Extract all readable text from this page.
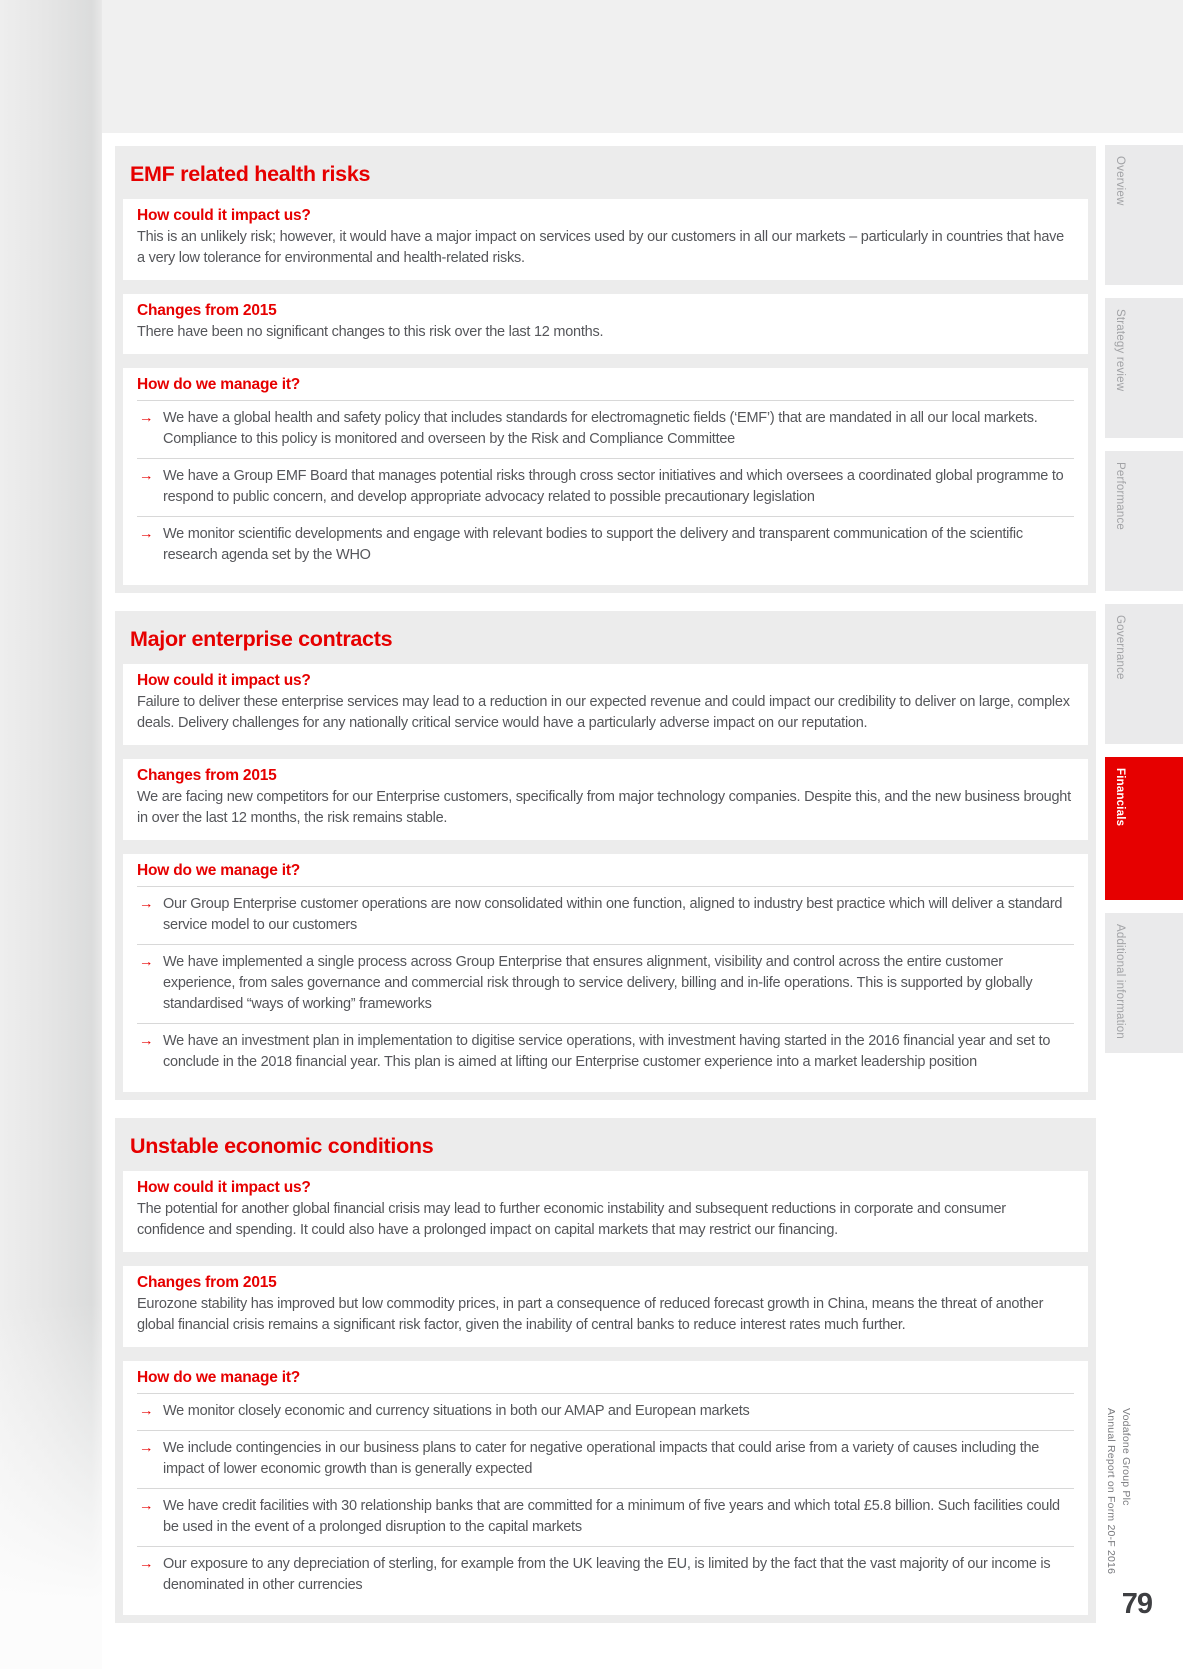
EMF related health risks
How could it impact us?

This is an unlikely risk; however, it would have a major impact on services used by our customers in all our markets – particularly in countries that have a very low tolerance for environmental and health-related risks.

Changes from 2015

There have been no significant changes to this risk over the last 12 months.

How do we manage it?
→ We have a global health and safety policy that includes standards for electromagnetic fields (‘EMF’) that are mandated in all our local markets. Compliance to this policy is monitored and overseen by the Risk and Compliance Committee
→ We have a Group EMF Board that manages potential risks through cross sector initiatives and which oversees a coordinated global programme to respond to public concern, and develop appropriate advocacy related to possible precautionary legislation
→ We monitor scientific developments and engage with relevant bodies to support the delivery and transparent communication of the scientific research agenda set by the WHO
Major enterprise contracts
How could it impact us?

Failure to deliver these enterprise services may lead to a reduction in our expected revenue and could impact our credibility to deliver on large, complex deals. Delivery challenges for any nationally critical service would have a particularly adverse impact on our reputation.

Changes from 2015

We are facing new competitors for our Enterprise customers, specifically from major technology companies. Despite this, and the new business brought in over the last 12 months, the risk remains stable.

How do we manage it?
→ Our Group Enterprise customer operations are now consolidated within one function, aligned to industry best practice which will deliver a standard service model to our customers
→ We have implemented a single process across Group Enterprise that ensures alignment, visibility and control across the entire customer experience, from sales governance and commercial risk through to service delivery, billing and in-life operations. This is supported by globally standardised “ways of working” frameworks
→ We have an investment plan in implementation to digitise service operations, with investment having started in the 2016 financial year and set to conclude in the 2018 financial year. This plan is aimed at lifting our Enterprise customer experience into a market leadership position
Unstable economic conditions
How could it impact us?

The potential for another global financial crisis may lead to further economic instability and subsequent reductions in corporate and consumer confidence and spending. It could also have a prolonged impact on capital markets that may restrict our financing.

Changes from 2015

Eurozone stability has improved but low commodity prices, in part a consequence of reduced forecast growth in China, means the threat of another global financial crisis remains a significant risk factor, given the inability of central banks to reduce interest rates much further.

How do we manage it?
→ We monitor closely economic and currency situations in both our AMAP and European markets
→ We include contingencies in our business plans to cater for negative operational impacts that could arise from a variety of causes including the impact of lower economic growth than is generally expected
→ We have credit facilities with 30 relationship banks that are committed for a minimum of five years and which total £5.8 billion. Such facilities could be used in the event of a prolonged disruption to the capital markets
→ Our exposure to any depreciation of sterling, for example from the UK leaving the EU, is limited by the fact that the vast majority of our income is denominated in other currencies
Overview
Strategy review
Performance
Governance
Financials
Additional information
Vodafone Group Plc
Annual Report on Form 20-F 2016
79
